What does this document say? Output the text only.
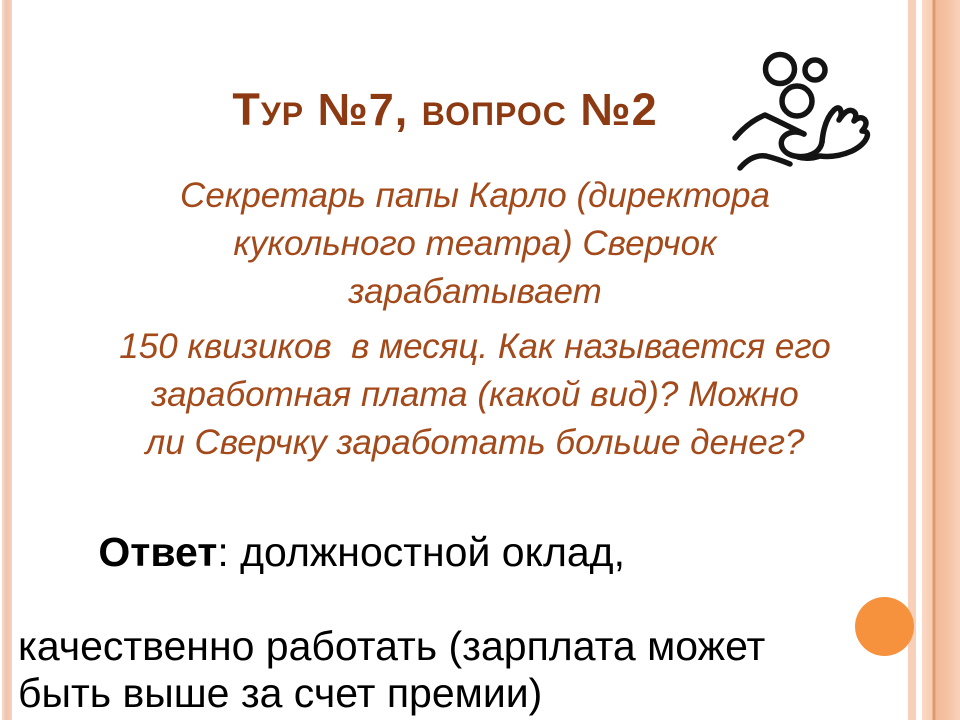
Тур №7, вопрос №2

Секретарь папы Карло (директора
кукольного театра) Сверчок
зарабатывает

150 квизиков  в месяц. Как называется его
заработная плата (какой вид)? Можно
ли Сверчку заработать больше денег?

Ответ: должностной оклад,

качественно работать (зарплата может
быть выше за счет премии)
